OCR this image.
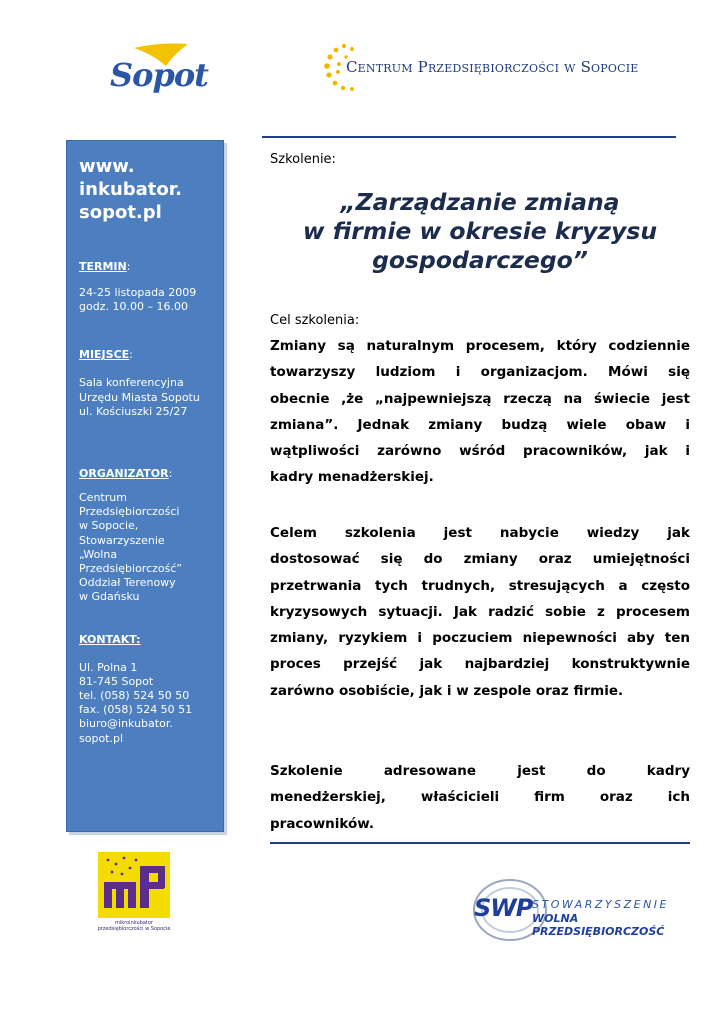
Sopot	Centrum Przedsiębiorczości w Sopocie
www.
inkubator.
sopot.pl
TERMIN:
24-25 listopada 2009
godz. 10.00 – 16.00
MIEJSCE:
Sala konferencyjna
Urzędu Miasta Sopotu
ul. Kościuszki 25/27
ORGANIZATOR:
Centrum
Przedsiębiorczości
w Sopocie,
Stowarzyszenie
„Wolna
Przedsiębiorczość”
Oddział Terenowy
w Gdańsku
KONTAKT:
Ul. Polna 1
81-745 Sopot
tel. (058) 524 50 50
fax. (058) 524 50 51
biuro@inkubator.
sopot.pl
Szkolenie:
„Zarządzanie zmianą
w firmie w okresie kryzysu
gospodarczego”
Cel szkolenia:
Zmiany są naturalnym procesem, który codziennie
towarzyszy ludziom i organizacjom. Mówi się
obecnie ,że „najpewniejszą rzeczą na świecie jest
zmiana”. Jednak zmiany budzą wiele obaw i
wątpliwości zarówno wśród pracowników, jak i
kadry menadżerskiej.
Celem szkolenia jest nabycie wiedzy jak
dostosować się do zmiany oraz umiejętności
przetrwania tych trudnych, stresujących a często
kryzysowych sytuacji. Jak radzić sobie z procesem
zmiany, ryzykiem i poczuciem niepewności aby ten
proces przejść jak najbardziej konstruktywnie
zarówno osobiście, jak i w zespole oraz firmie.
Szkolenie adresowane jest do kadry
menedżerskiej, właścicieli firm oraz ich
pracowników.
mikroinkubator przedsiębiorczości w Sopocie
SWP STOWARZYSZENIE
WOLNA PRZEDSIĘBIORCZOŚĆ
